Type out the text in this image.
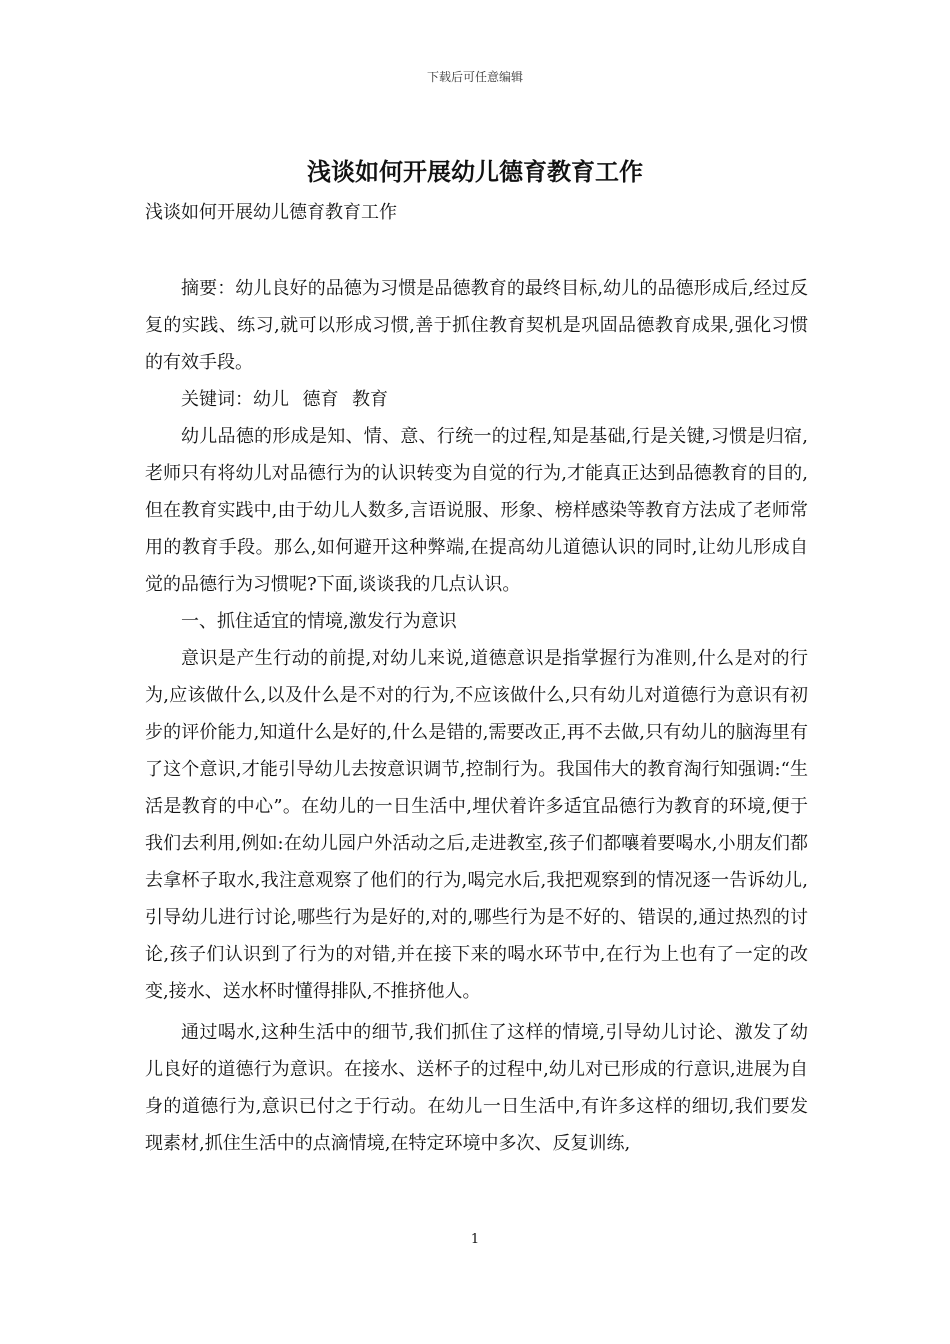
下载后可任意编辑
浅谈如何开展幼儿德育教育工作
浅谈如何开展幼儿德育教育工作

摘要：幼儿良好的品德为习惯是品德教育的最终目标,幼儿的品德形成后,经过反复的实践、练习,就可以形成习惯,善于抓住教育契机是巩固品德教育成果,强化习惯的有效手段。

关键词：幼儿 德育 教育

幼儿品德的形成是知、情、意、行统一的过程,知是基础,行是关键,习惯是归宿,老师只有将幼儿对品德行为的认识转变为自觉的行为,才能真正达到品德教育的目的,但在教育实践中,由于幼儿人数多,言语说服、形象、榜样感染等教育方法成了老师常用的教育手段。那么,如何避开这种弊端,在提高幼儿道德认识的同时,让幼儿形成自觉的品德行为习惯呢?下面,谈谈我的几点认识。

一、抓住适宜的情境,激发行为意识

意识是产生行动的前提,对幼儿来说,道德意识是指掌握行为准则,什么是对的行为,应该做什么,以及什么是不对的行为,不应该做什么,只有幼儿对道德行为意识有初步的评价能力,知道什么是好的,什么是错的,需要改正,再不去做,只有幼儿的脑海里有了这个意识,才能引导幼儿去按意识调节,控制行为。我国伟大的教育淘行知强调:“生活是教育的中心”。在幼儿的一日生活中,埋伏着许多适宜品德行为教育的环境,便于我们去利用,例如:在幼儿园户外活动之后,走进教室,孩子们都嚷着要喝水,小朋友们都去拿杯子取水,我注意观察了他们的行为,喝完水后,我把观察到的情况逐一告诉幼儿,引导幼儿进行讨论,哪些行为是好的,对的,哪些行为是不好的、错误的,通过热烈的讨论,孩子们认识到了行为的对错,并在接下来的喝水环节中,在行为上也有了一定的改变,接水、送水杯时懂得排队,不推挤他人。

通过喝水,这种生活中的细节,我们抓住了这样的情境,引导幼儿讨论、激发了幼儿良好的道德行为意识。在接水、送杯子的过程中,幼儿对已形成的行意识,进展为自身的道德行为,意识已付之于行动。在幼儿一日生活中,有许多这样的细切,我们要发现素材,抓住生活中的点滴情境,在特定环境中多次、反复训练,

1
